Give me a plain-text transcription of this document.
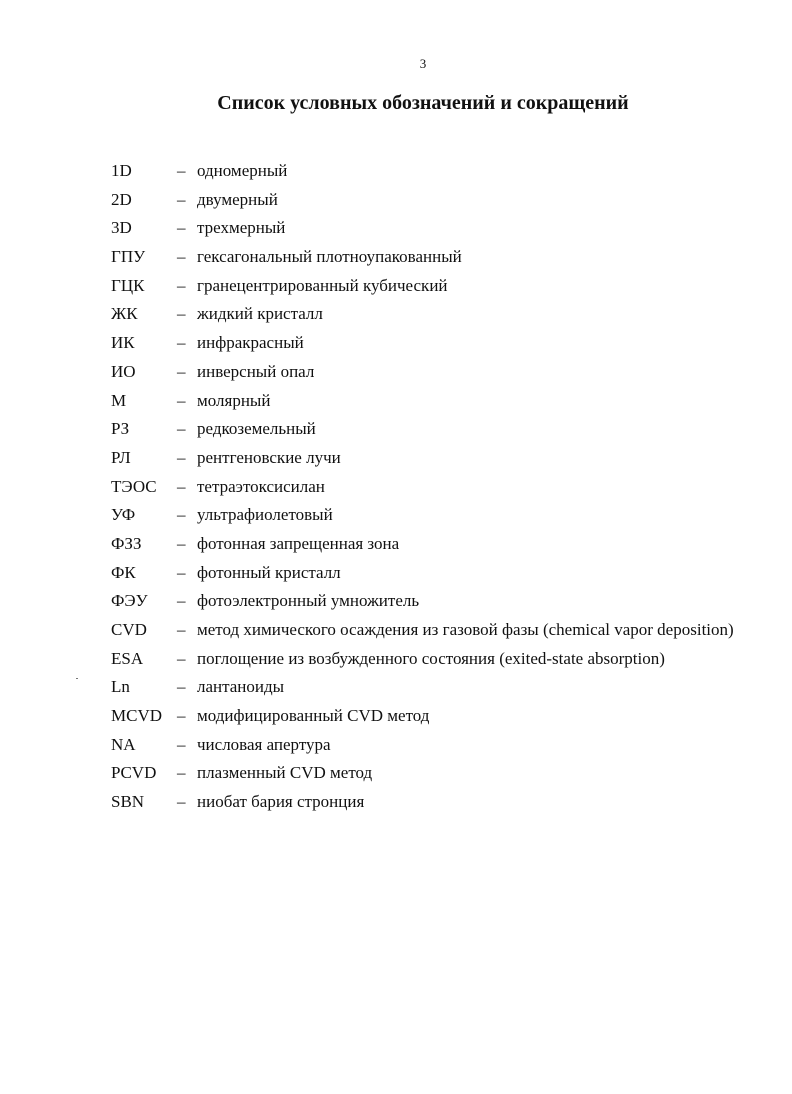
3
Список условных обозначений и сокращений
1D	– одномерный
2D	– двумерный
3D	– трехмерный
ГПУ	– гексагональный плотноупакованный
ГЦК	– гранецентрированный кубический
ЖК	– жидкий кристалл
ИК	– инфракрасный
ИО	– инверсный опал
М	– молярный
РЗ	– редкоземельный
РЛ	– рентгеновские лучи
ТЭОС	– тетраэтоксисилан
УФ	– ультрафиолетовый
ФЗЗ	– фотонная запрещенная зона
ФК	– фотонный кристалл
ФЭУ	– фотоэлектронный умножитель
CVD	– метод химического осаждения из газовой фазы (chemical vapor deposition)
ESA	– поглощение из возбужденного состояния (exited-state absorption)
Ln	– лантаноиды
MCVD – модифицированный CVD метод
NA	– числовая апертура
PCVD	– плазменный CVD метод
SBN	– ниобат бария стронция
